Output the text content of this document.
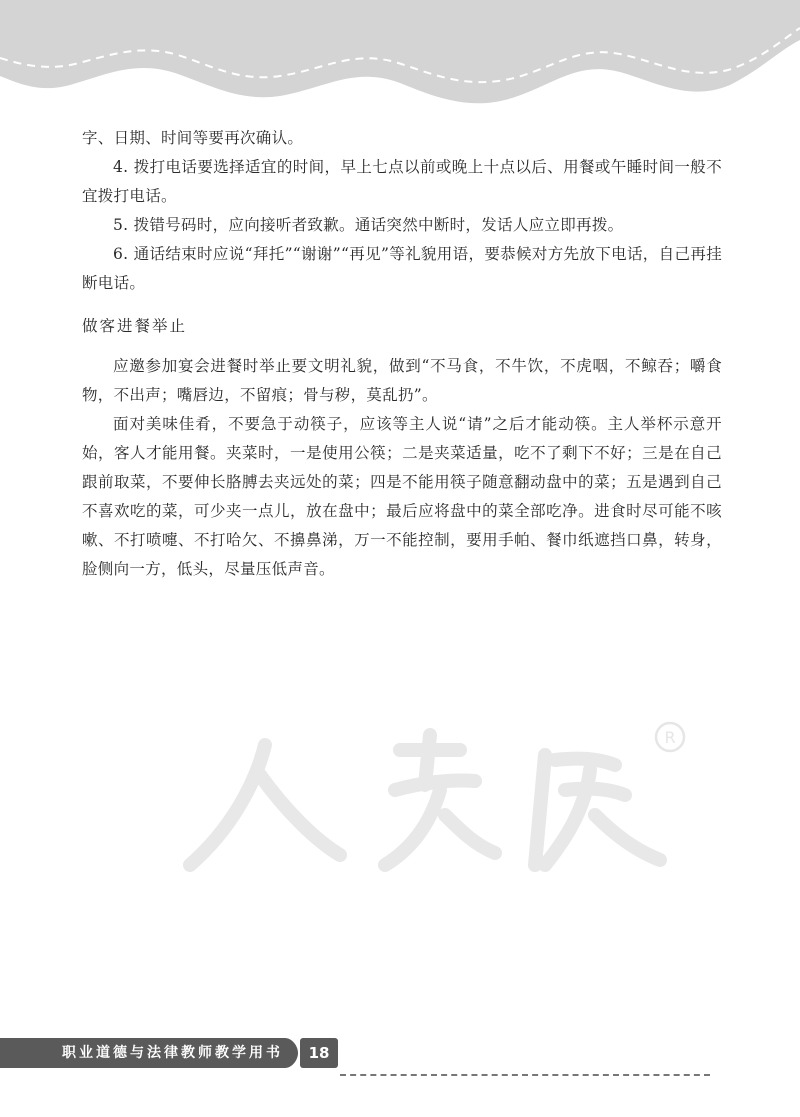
字、日期、时间等要再次确认。

4. 拨打电话要选择适宜的时间，早上七点以前或晚上十点以后、用餐或午睡时间一般不宜拨打电话。

5. 拨错号码时，应向接听者致歉。通话突然中断时，发话人应立即再拨。

6. 通话结束时应说“拜托”“谢谢”“再见”等礼貌用语，要恭候对方先放下电话，自己再挂断电话。

做客进餐举止

应邀参加宴会进餐时举止要文明礼貌，做到“不马食，不牛饮，不虎咽，不鲸吞；嚼食物，不出声；嘴唇边，不留痕；骨与秽，莫乱扔”。

面对美味佳肴，不要急于动筷子，应该等主人说“请”之后才能动筷。主人举杯示意开始，客人才能用餐。夹菜时，一是使用公筷；二是夹菜适量，吃不了剩下不好；三是在自己跟前取菜，不要伸长胳膊去夹远处的菜；四是不能用筷子随意翻动盘中的菜；五是遇到自己不喜欢吃的菜，可少夹一点儿，放在盘中；最后应将盘中的菜全部吃净。进食时尽可能不咳嗽、不打喷嚏、不打哈欠、不擤鼻涕，万一不能控制，要用手帕、餐巾纸遮挡口鼻，转身，脸侧向一方，低头，尽量压低声音。

R
职业道德与法律教师教学用书	18
